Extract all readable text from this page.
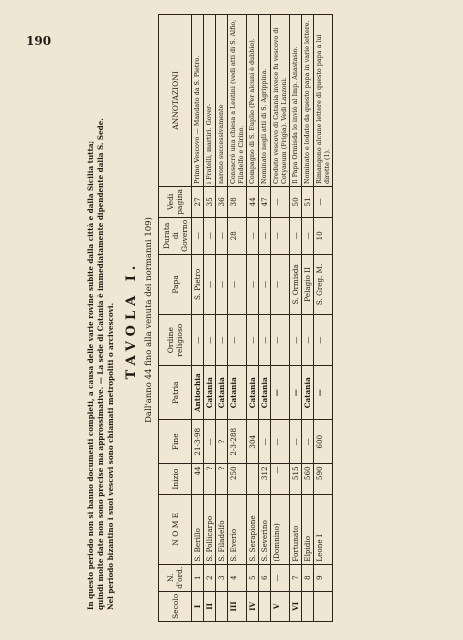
190
TAVOLA I. Dall'anno 44 fino alla venuta dei normanni 109)

In questo periodo non si hanno documenti completi, a causa delle varie rovine subite dalla città e dalla Sicilia tutta; quindi molte date non sono precise ma approssimative. — La sede di Catania è immediatamente dipendente dalla S. Sede. Nel periodo bizantino i suoi vescovi sono chiamati metropoliti o arcivescovi.	Secolo	N. d'ord.	N O M E	Inizio	Fine	Patria	Ordine religioso	Papa	Durata di Governo	Vedi pagina	ANNOTAZIONI
I	1	S. Berillo	44	21-3-98	Antiochia	—	S. Pietro	—	27	Primo Vescovo — Mandato da S. Pietro.
II	2	S. Pollicarpo	?	—	Catania	—	—	—	35	i Fratelli, martiri. Gover-
	3	S. Filadelfo	?	?	Catania	—	—	—	36	narono successivamente
III	4	S. Everio	250	2-3-288	Catania	—	—	28	38	Consacrò una chiesa a Lentini (vedi atti di S. Alfio, Filadelfo e Cirino.
IV	5	S. Serapione		304	Catania	—	—	—	44	Compagno di S. Euplio (Per alcuni è dubbio).
	6	S. Severino	312	—	Catania	—	—	—	47	Nominato negli atti di S. Agrippina.
V	—	(Domnino)	—	—	—	—	—	—	—	Creduto vescovo di Catania invece fu vescovo di Cotyaeum (Frigia). Vedi Lanzoni.
VI	7	Fortunato	515	—	—	—	S. Ormisda	—	50	Il Papa Ormisda lo inviò al Imp. Anastasio.
	8	Elpidio	560	—	Catania	—	Pelagio II	—	51	Nominato e lodato da questo papa in varie lettere.
	9	Leone I	590	600	—	—	S. Greg. M.	10	—	Rimangono alcune lettere di questo papa a lui dirette (1).
